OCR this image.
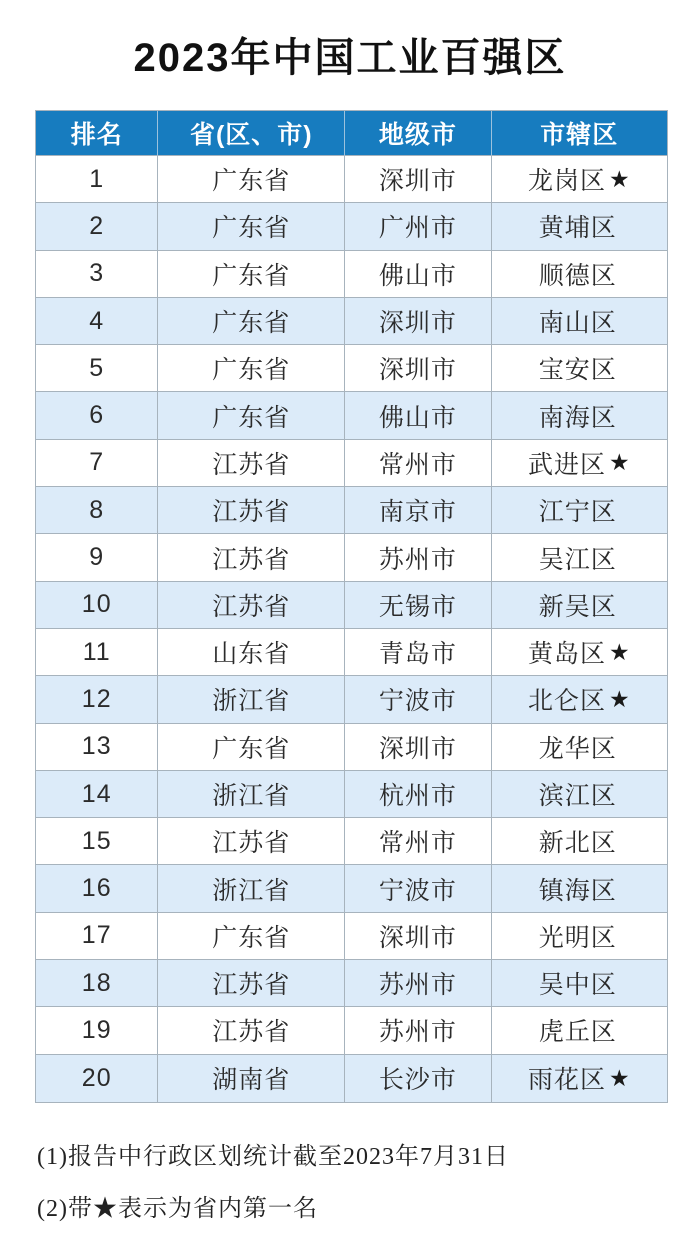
2023年中国工业百强区
排名	省(区、市)	地级市	市辖区
1	广东省	深圳市	龙岗区 ★
2	广东省	广州市	黄埔区
3	广东省	佛山市	顺德区
4	广东省	深圳市	南山区
5	广东省	深圳市	宝安区
6	广东省	佛山市	南海区
7	江苏省	常州市	武进区 ★
8	江苏省	南京市	江宁区
9	江苏省	苏州市	吴江区
10	江苏省	无锡市	新吴区
11	山东省	青岛市	黄岛区 ★
12	浙江省	宁波市	北仑区 ★
13	广东省	深圳市	龙华区
14	浙江省	杭州市	滨江区
15	江苏省	常州市	新北区
16	浙江省	宁波市	镇海区
17	广东省	深圳市	光明区
18	江苏省	苏州市	吴中区
19	江苏省	苏州市	虎丘区
20	湖南省	长沙市	雨花区 ★
(1)报告中行政区划统计截至2023年7月31日
(2)带★表示为省内第一名
